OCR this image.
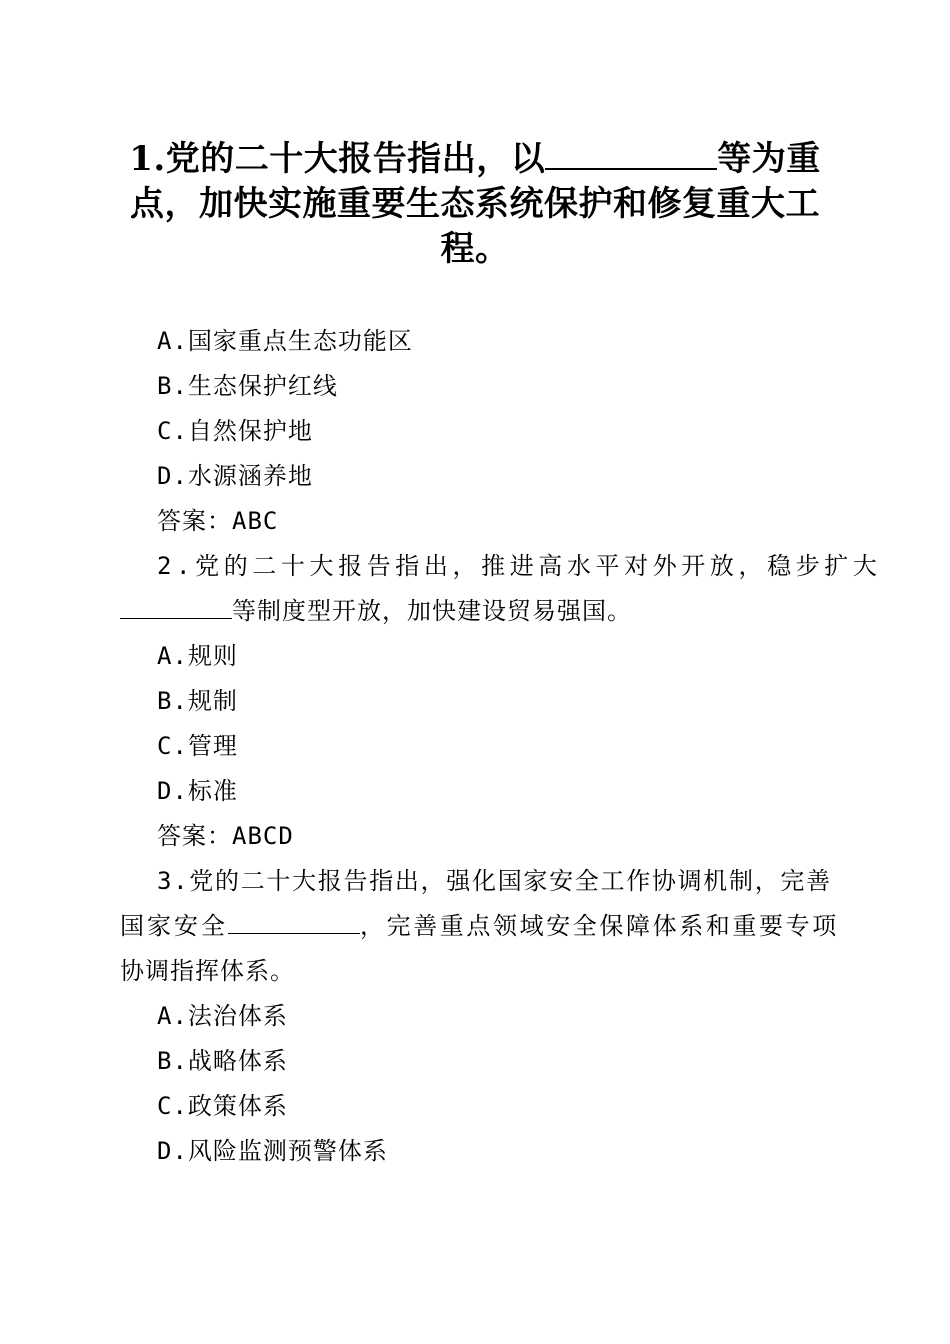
1.党的二十大报告指出，以	等为重点，加快实施重要生态系统保护和修复重大工程。
A.国家重点生态功能区
B.生态保护红线
C.自然保护地
D.水源涵养地
答案：ABC
2.党的二十大报告指出，推进高水平对外开放，稳步扩大
等制度型开放，加快建设贸易强国。
A.规则
B.规制
C.管理
D.标准
答案：ABCD
3.党的二十大报告指出，强化国家安全工作协调机制，完善
国家安全	，完善重点领域安全保障体系和重要专项
协调指挥体系。
A.法治体系
B.战略体系
C.政策体系
D.风险监测预警体系
